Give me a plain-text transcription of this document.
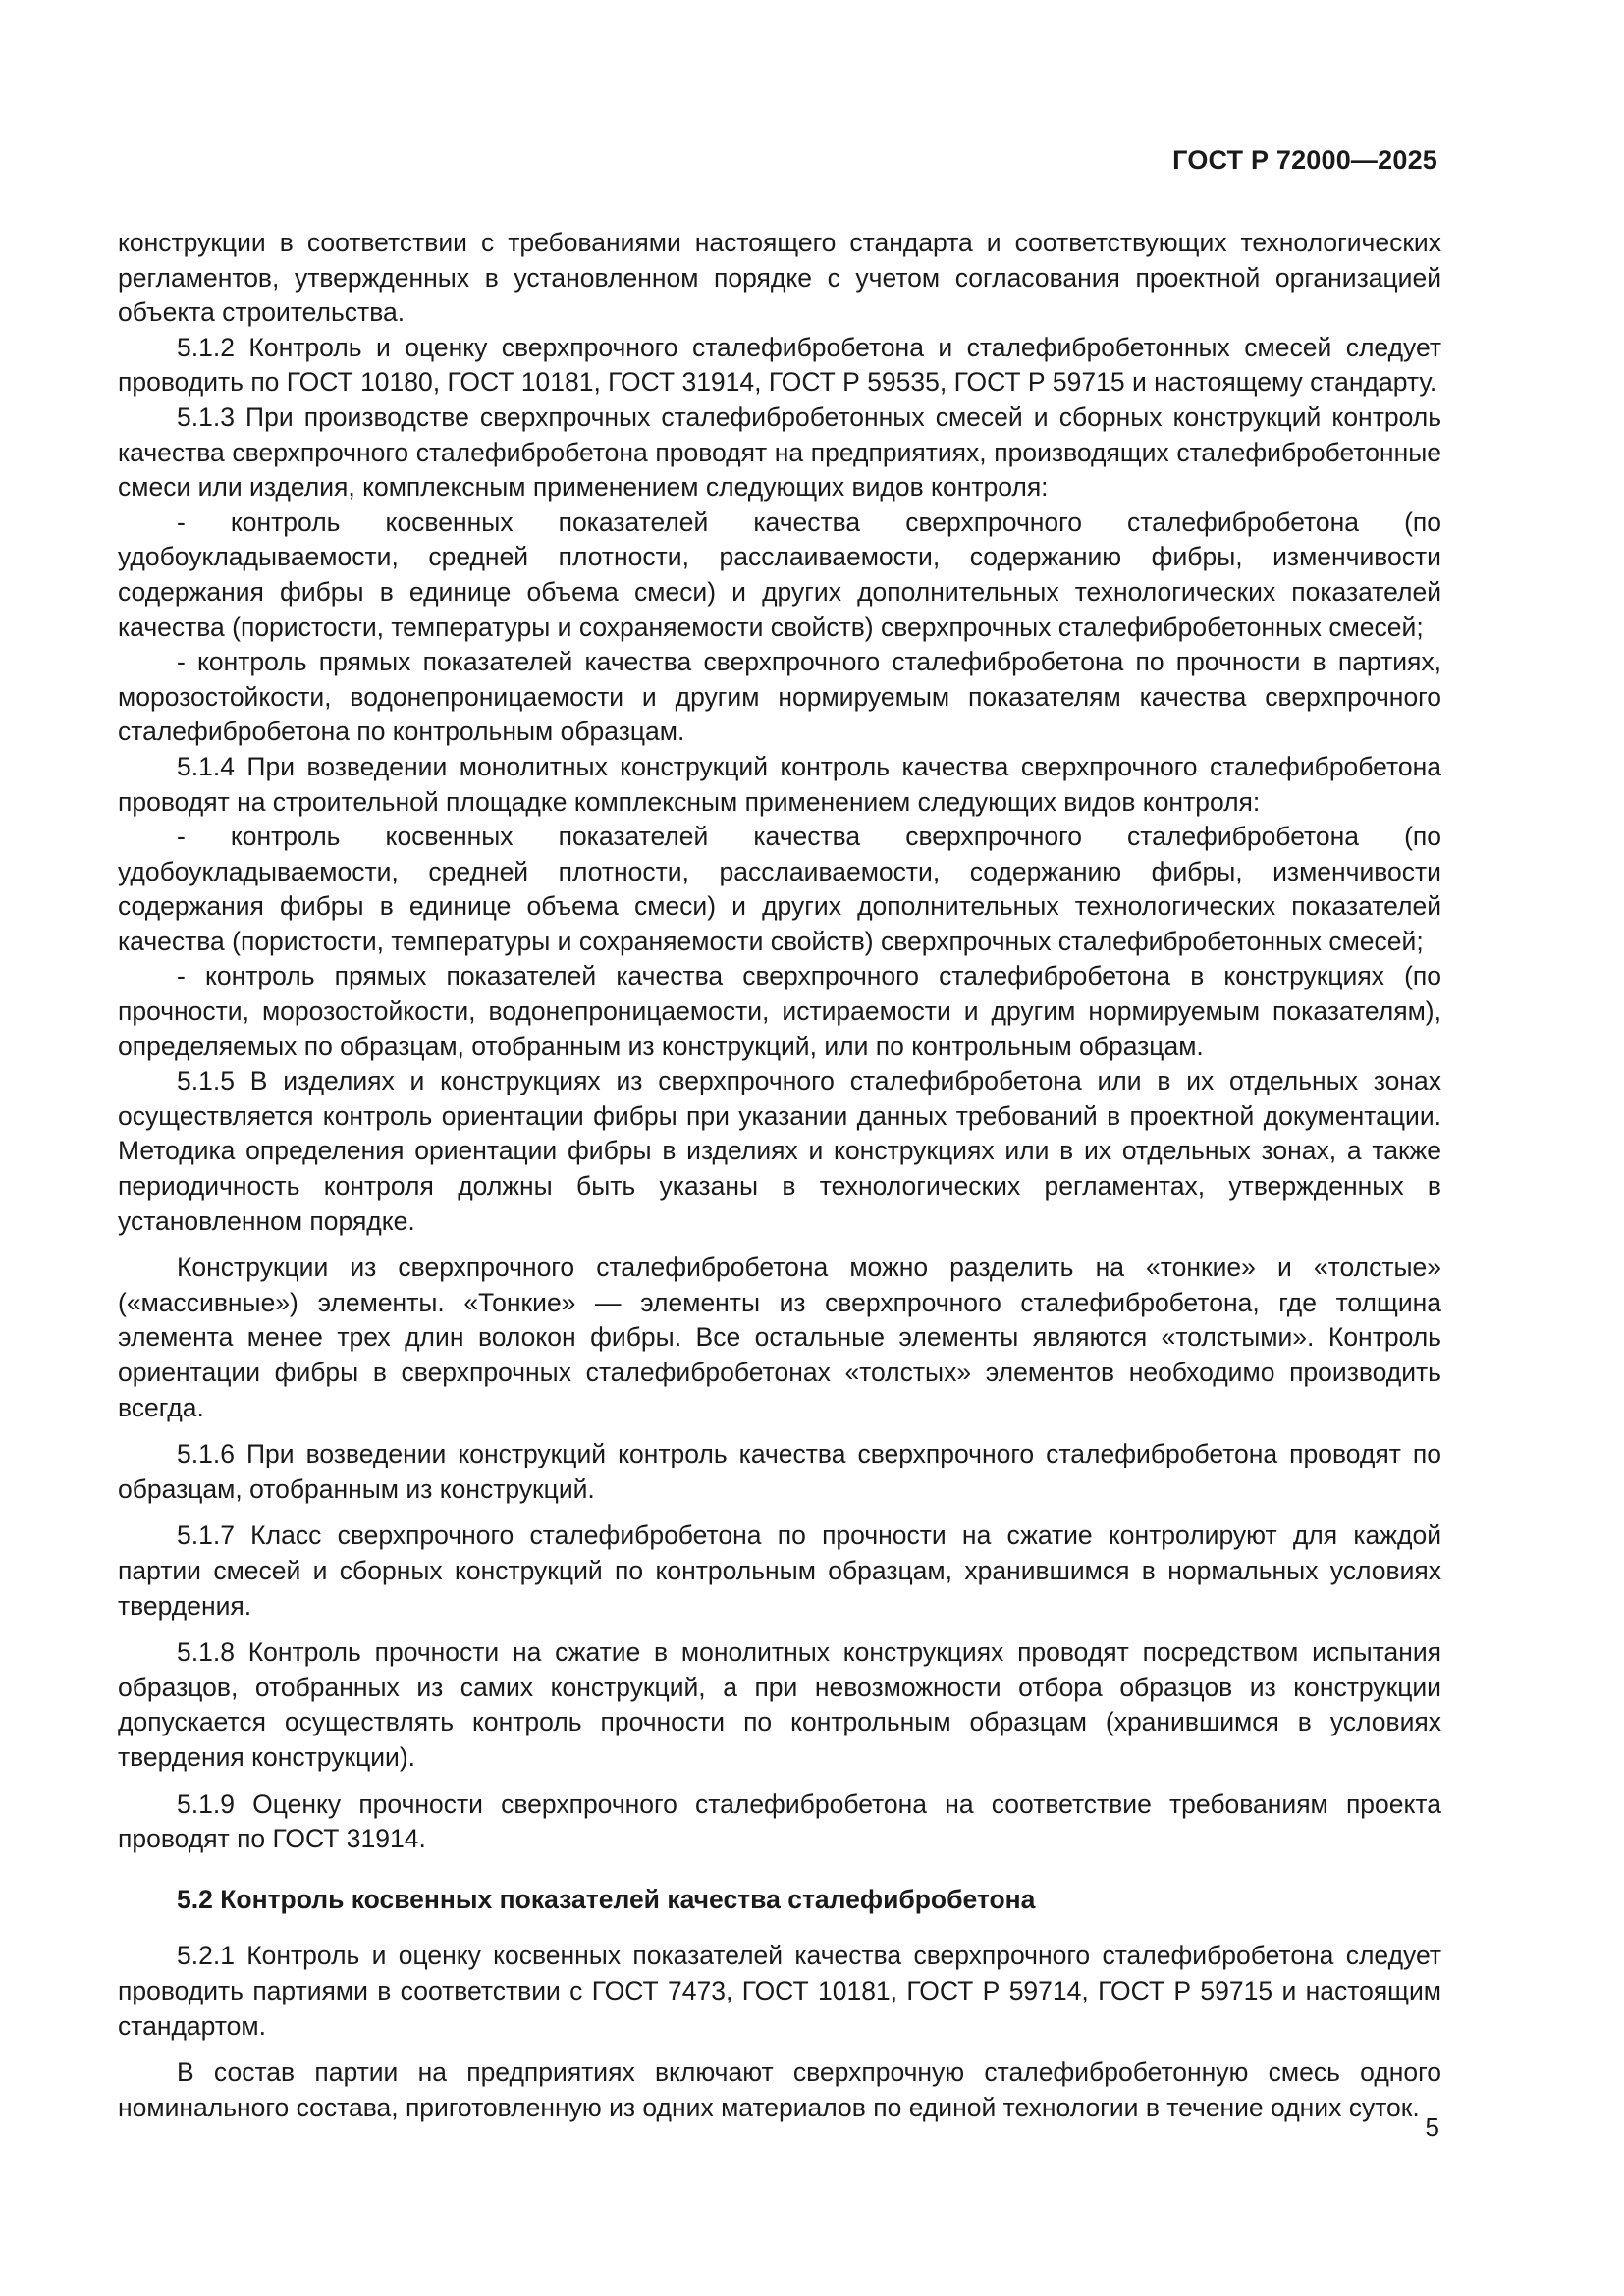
ГОСТ Р 72000—2025

конструкции в соответствии с требованиями настоящего стандарта и соответствующих технологических регламентов, утвержденных в установленном порядке с учетом согласования проектной организацией объекта строительства.

5.1.2 Контроль и оценку сверхпрочного сталефибробетона и сталефибробетонных смесей следует проводить по ГОСТ 10180, ГОСТ 10181, ГОСТ 31914, ГОСТ Р 59535, ГОСТ Р 59715 и настоящему стандарту.

5.1.3 При производстве сверхпрочных сталефибробетонных смесей и сборных конструкций контроль качества сверхпрочного сталефибробетона проводят на предприятиях, производящих сталефибробетонные смеси или изделия, комплексным применением следующих видов контроля:

- контроль косвенных показателей качества сверхпрочного сталефибробетона (по удобоукладываемости, средней плотности, расслаиваемости, содержанию фибры, изменчивости содержания фибры в единице объема смеси) и других дополнительных технологических показателей качества (пористости, температуры и сохраняемости свойств) сверхпрочных сталефибробетонных смесей;

- контроль прямых показателей качества сверхпрочного сталефибробетона по прочности в партиях, морозостойкости, водонепроницаемости и другим нормируемым показателям качества сверхпрочного сталефибробетона по контрольным образцам.

5.1.4 При возведении монолитных конструкций контроль качества сверхпрочного сталефибробетона проводят на строительной площадке комплексным применением следующих видов контроля:

- контроль косвенных показателей качества сверхпрочного сталефибробетона (по удобоукладываемости, средней плотности, расслаиваемости, содержанию фибры, изменчивости содержания фибры в единице объема смеси) и других дополнительных технологических показателей качества (пористости, температуры и сохраняемости свойств) сверхпрочных сталефибробетонных смесей;

- контроль прямых показателей качества сверхпрочного сталефибробетона в конструкциях (по прочности, морозостойкости, водонепроницаемости, истираемости и другим нормируемым показателям), определяемых по образцам, отобранным из конструкций, или по контрольным образцам.

5.1.5 В изделиях и конструкциях из сверхпрочного сталефибробетона или в их отдельных зонах осуществляется контроль ориентации фибры при указании данных требований в проектной документации. Методика определения ориентации фибры в изделиях и конструкциях или в их отдельных зонах, а также периодичность контроля должны быть указаны в технологических регламентах, утвержденных в установленном порядке.

Конструкции из сверхпрочного сталефибробетона можно разделить на «тонкие» и «толстые» («массивные») элементы. «Тонкие» — элементы из сверхпрочного сталефибробетона, где толщина элемента менее трех длин волокон фибры. Все остальные элементы являются «толстыми». Контроль ориентации фибры в сверхпрочных сталефибробетонах «толстых» элементов необходимо производить всегда.

5.1.6 При возведении конструкций контроль качества сверхпрочного сталефибробетона проводят по образцам, отобранным из конструкций.

5.1.7 Класс сверхпрочного сталефибробетона по прочности на сжатие контролируют для каждой партии смесей и сборных конструкций по контрольным образцам, хранившимся в нормальных условиях твердения.

5.1.8 Контроль прочности на сжатие в монолитных конструкциях проводят посредством испытания образцов, отобранных из самих конструкций, а при невозможности отбора образцов из конструкции допускается осуществлять контроль прочности по контрольным образцам (хранившимся в условиях твердения конструкции).

5.1.9 Оценку прочности сверхпрочного сталефибробетона на соответствие требованиям проекта проводят по ГОСТ 31914.

5.2 Контроль косвенных показателей качества сталефибробетона

5.2.1 Контроль и оценку косвенных показателей качества сверхпрочного сталефибробетона следует проводить партиями в соответствии с ГОСТ 7473, ГОСТ 10181, ГОСТ Р 59714, ГОСТ Р 59715 и настоящим стандартом.

В состав партии на предприятиях включают сверхпрочную сталефибробетонную смесь одного номинального состава, приготовленную из одних материалов по единой технологии в течение одних суток.

5
